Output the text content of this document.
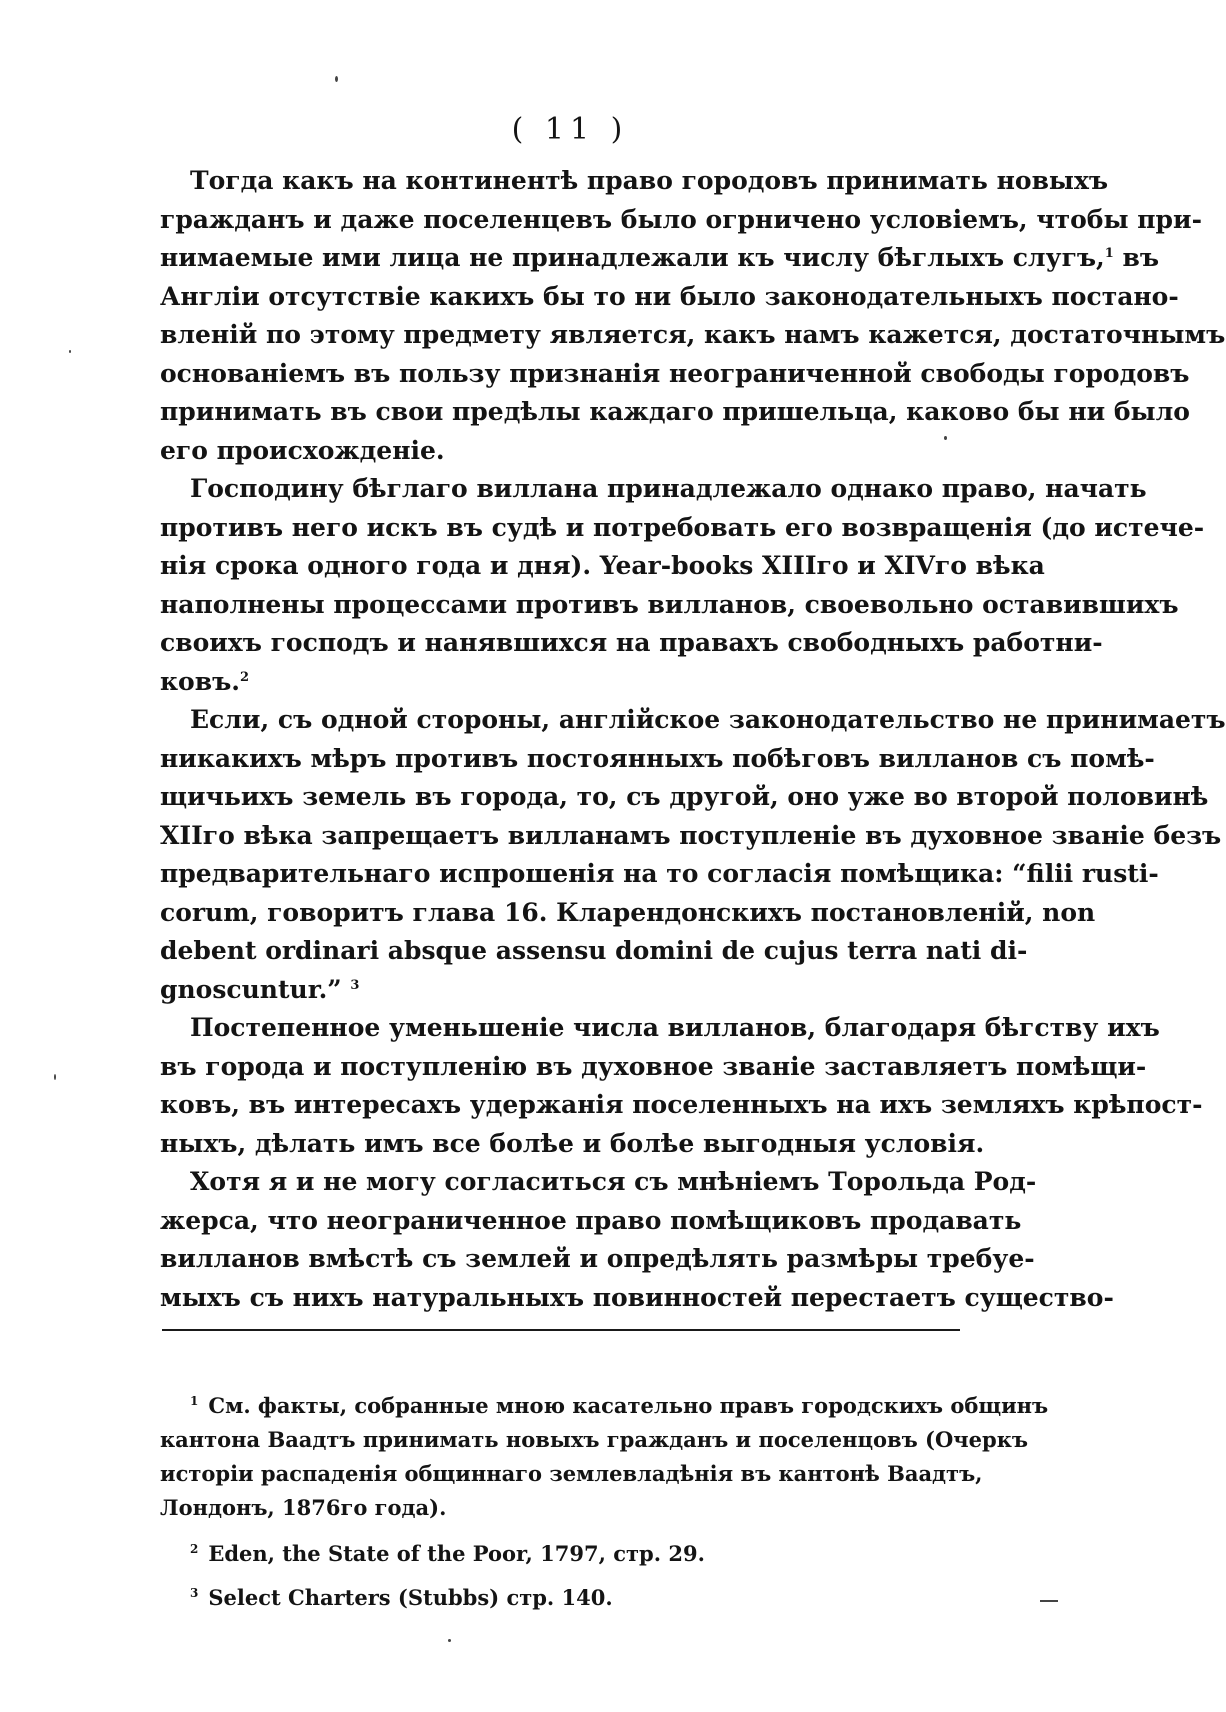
( 11 )
Тогда какъ на континентѣ право городовъ принимать новыхъ
гражданъ и даже поселенцевъ было огрничено условіемъ, чтобы при-
нимаемые ими лица не принадлежали къ числу бѣглыхъ слугъ,$^1$ въ
Англіи отсутствіе какихъ бы то ни было законодательныхъ постано-
вленій по этому предмету является, какъ намъ кажется, достаточнымъ
основаніемъ въ пользу признанія неограниченной свободы городовъ
принимать въ свои предѣлы каждаго пришельца, каково бы ни было
его происхожденіе.
Господину бѣглаго виллана принадлежало однако право, начать
противъ него искъ въ судѣ и потребовать его возвращенія (до истече-
нія срока одного года и дня). Year-books XIIIго и XIVго вѣка
наполнены процессами противъ вилланов, своевольно оставившихъ
своихъ господъ и нанявшихся на правахъ свободныхъ работни-
ковъ.$^2$
Если, съ одной стороны, англійское законодательство не принимаетъ
никакихъ мѣръ противъ постоянныхъ побѣговъ вилланов съ помѣ-
щичьихъ земель въ города, то, съ другой, оно уже во второй половинѣ
XIIго вѣка запрещаетъ вилланамъ поступленіе въ духовное званіе безъ
предварительнаго испрошенія на то согласія помѣщика: “filii rusti-
corum, говоритъ глава 16. Кларендонскихъ постановленій, non
debent ordinari absque assensu domini de cujus terra nati di-
gnoscuntur.” $^3$
Постепенное уменьшеніе числа вилланов, благодаря бѣгству ихъ
въ города и поступленію въ духовное званіе заставляетъ помѣщи-
ковъ, въ интересахъ удержанія поселенныхъ на ихъ земляхъ крѣпост-
ныхъ, дѣлать имъ все болѣе и болѣе выгодныя условія.
Хотя я и не могу согласиться съ мнѣніемъ Торольда Род-
жерса, что неограниченное право помѣщиковъ продавать
вилланов вмѣстѣ съ землей и опредѣлять размѣры требуе-
мыхъ съ нихъ натуральныхъ повинностей перестаетъ существо-
$^1$ См. факты, собранные мною касательно правъ городскихъ общинъ
кантона Ваадтъ принимать новыхъ гражданъ и поселенцовъ (Очеркъ
исторіи распаденія общиннаго землевладѣнія въ кантонѣ Ваадтъ,
Лондонъ, 1876го года).
$^2$ Eden, the State of the Poor, 1797, стр. 29.
$^3$ Select Charters (Stubbs) стр. 140.
